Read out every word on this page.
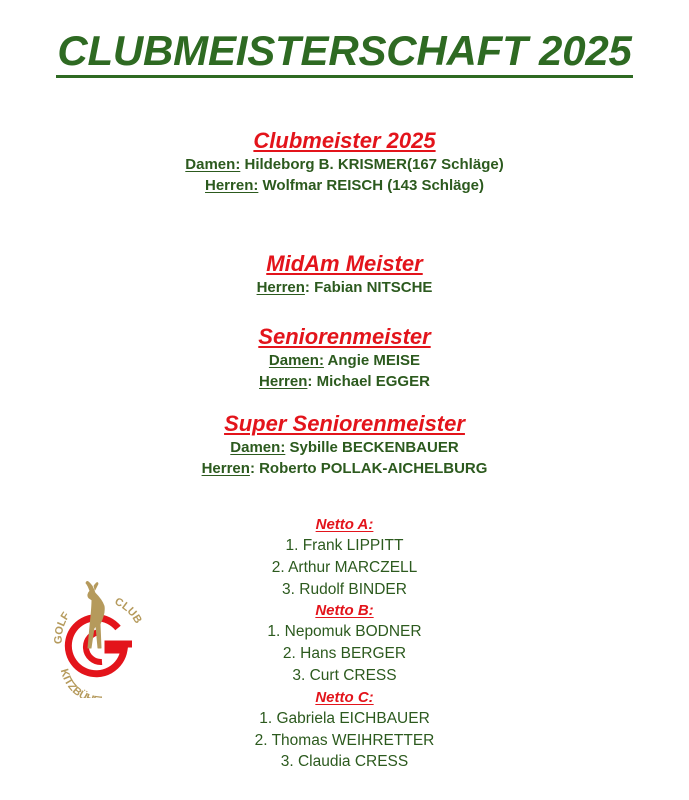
CLUBMEISTERSCHAFT 2025
Clubmeister 2025
Damen: Hildeborg B. KRISMER(167 Schläge)
Herren: Wolfmar REISCH (143 Schläge)
MidAm Meister
Herren: Fabian NITSCHE
Seniorenmeister
Damen: Angie MEISE
Herren: Michael EGGER
Super Seniorenmeister
Damen: Sybille BECKENBAUER
Herren: Roberto POLLAK-AICHELBURG
Netto A:
1. Frank LIPPITT
2. Arthur MARCZELL
3. Rudolf BINDER
Netto B:
1. Nepomuk BODNER
2. Hans BERGER
3. Curt CRESS
Netto C:
1. Gabriela EICHBAUER
2. Thomas WEIHRETTER
3. Claudia CRESS
GOLF
CLUB
KITZBÜ
